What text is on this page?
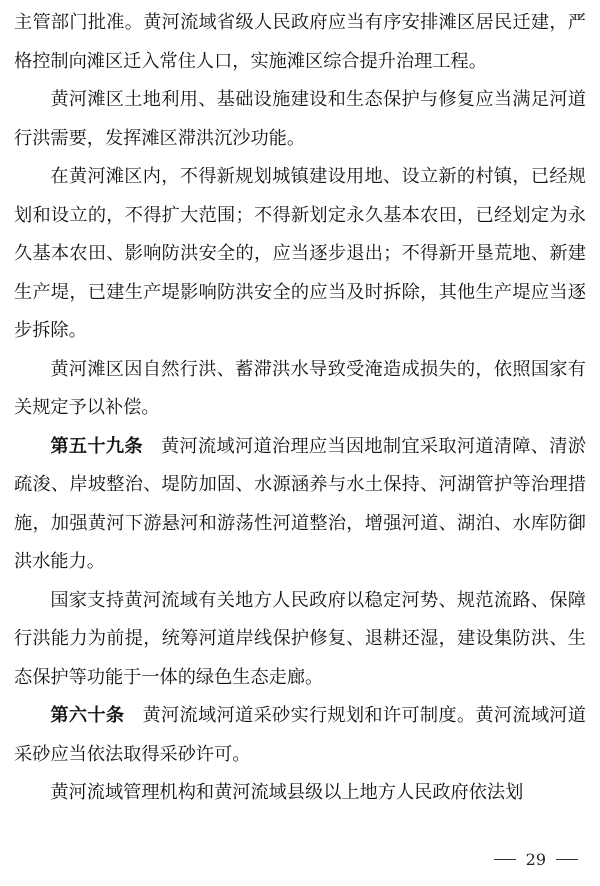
主管部门批准。黄河流域省级人民政府应当有序安排滩区居民迁建，严格控制向滩区迁入常住人口，实施滩区综合提升治理工程。

黄河滩区土地利用、基础设施建设和生态保护与修复应当满足河道行洪需要，发挥滩区滞洪沉沙功能。

在黄河滩区内，不得新规划城镇建设用地、设立新的村镇，已经规划和设立的，不得扩大范围；不得新划定永久基本农田，已经划定为永久基本农田、影响防洪安全的，应当逐步退出；不得新开垦荒地、新建生产堤，已建生产堤影响防洪安全的应当及时拆除，其他生产堤应当逐步拆除。

黄河滩区因自然行洪、蓄滞洪水导致受淹造成损失的，依照国家有关规定予以补偿。

第五十九条 黄河流域河道治理应当因地制宜采取河道清障、清淤疏浚、岸坡整治、堤防加固、水源涵养与水土保持、河湖管护等治理措施，加强黄河下游悬河和游荡性河道整治，增强河道、湖泊、水库防御洪水能力。

国家支持黄河流域有关地方人民政府以稳定河势、规范流路、保障行洪能力为前提，统筹河道岸线保护修复、退耕还湿，建设集防洪、生态保护等功能于一体的绿色生态走廊。

第六十条 黄河流域河道采砂实行规划和许可制度。黄河流域河道采砂应当依法取得采砂许可。

黄河流域管理机构和黄河流域县级以上地方人民政府依法划

29
